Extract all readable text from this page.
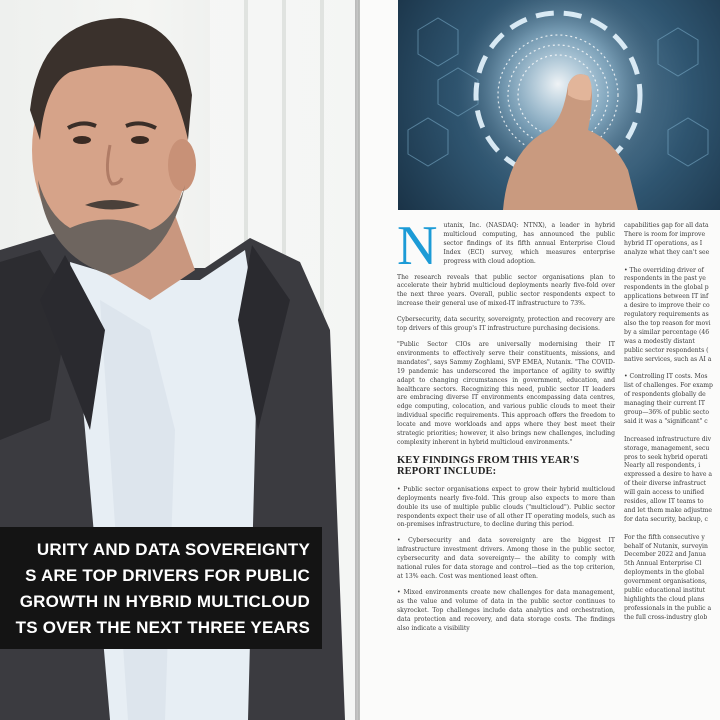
URITY AND DATA SOVEREIGNTY
S ARE TOP DRIVERS FOR PUBLIC
GROWTH IN HYBRID MULTICLOUD
TS OVER THE NEXT THREE YEARS
N utanix, Inc. (NASDAQ: NTNX), a leader in hybrid multicloud computing, has announced the public sector findings of its fifth annual Enterprise Cloud Index (ECI) survey, which measures enterprise progress with cloud adoption.

The research reveals that public sector organisations plan to accelerate their hybrid multicloud deployments nearly five-fold over the next three years. Overall, public sector respondents expect to increase their general use of mixed-IT infrastructure to 73%.

Cybersecurity, data security, sovereignty, protection and recovery are top drivers of this group's IT infrastructure purchasing decisions.

"Public Sector CIOs are universally modernising their IT environments to effectively serve their constituents, missions, and mandates", says Sammy Zoghlami, SVP EMEA, Nutanix. "The COVID-19 pandemic has underscored the importance of agility to swiftly adapt to changing circumstances in government, education, and healthcare sectors. Recognizing this need, public sector IT leaders are embracing diverse IT environments encompassing data centres, edge computing, colocation, and various public clouds to meet their individual specific requirements. This approach offers the freedom to locate and move workloads and apps where they best meet their strategic priorities; however, it also brings new challenges, including complexity inherent in hybrid multicloud environments."

KEY FINDINGS FROM THIS YEAR'S REPORT INCLUDE:

• Public sector organisations expect to grow their hybrid multicloud deployments nearly five-fold. This group also expects to more than double its use of multiple public clouds ("multicloud"). Public sector respondents expect their use of all other IT operating models, such as on-premises infrastructure, to decline during this period.

• Cybersecurity and data sovereignty are the biggest IT infrastructure investment drivers. Among those in the public sector, cybersecurity and data sovereignty— the ability to comply with national rules for data storage and control—tied as the top criterion, at 13% each. Cost was mentioned least often.

• Mixed environments create new challenges for data management, as the value and volume of data in the public sector continues to skyrocket. Top challenges include data analytics and orchestration, data protection and recovery, and data storage costs. The findings also indicate a visibility

capabilities gap for all data
There is room for improve
hybrid IT operations, as I
analyze what they can't see
• The overriding driver of
respondents in the past ye
respondents in the global p
applications between IT inf
a desire to improve their co
regulatory requirements as
also the top reason for movi
by a similar percentage (46
was a modestly distant
public sector respondents (
native services, such as AI a
• Controlling IT costs. Mos
list of challenges. For examp
of respondents globally de
managing their current IT
group—36% of public secto
said it was a "significant" c
Increased infrastructure div
storage, management, secu
pros to seek hybrid operati
Nearly all respondents, i
expressed a desire to have a
of their diverse infrastruct
will gain access to unified
resides, allow IT teams to
and let them make adjustme
for data security, backup, c
For the fifth consecutive y
behalf of Nutanix, surveyin
December 2022 and Janua
5th Annual Enterprise Cl
deployments in the global
government organisations,
public educational institut
highlights the cloud plans
professionals in the public a
the full cross-industry glob
